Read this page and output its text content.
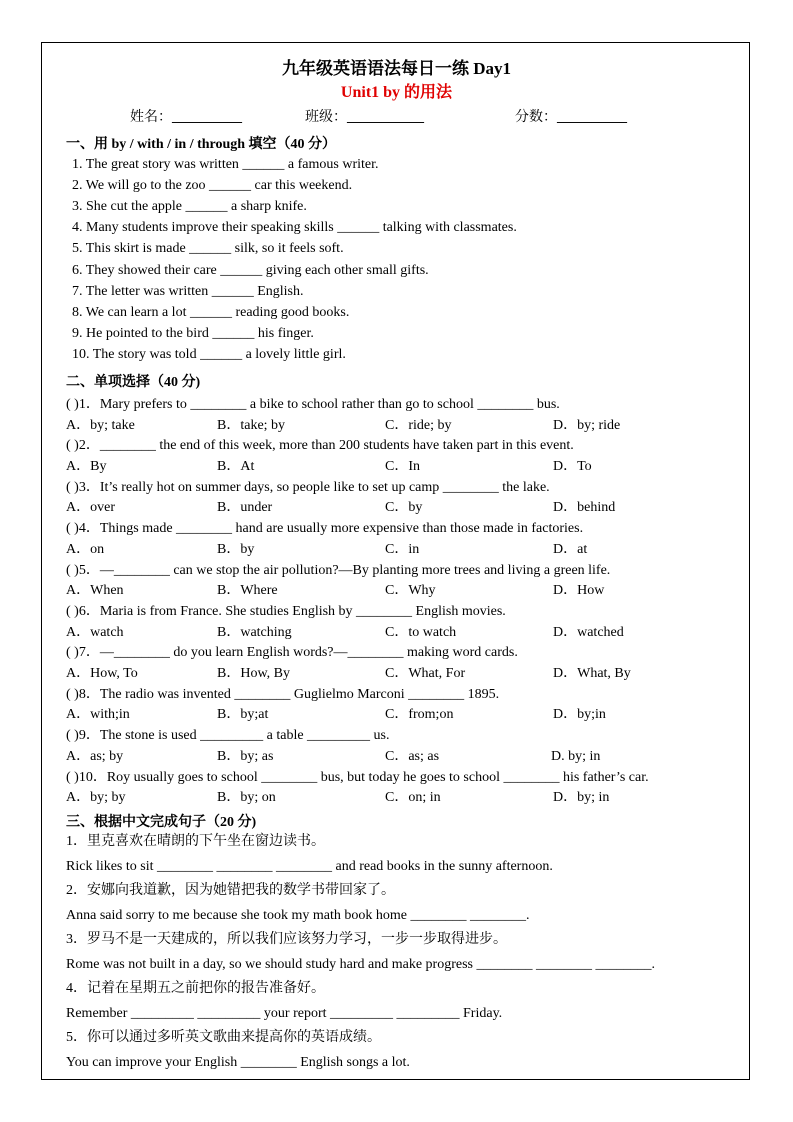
九年级英语语法每日一练 Day1
Unit1 by 的用法
姓名：__________	班级：___________	分数：__________
一、用 by / with / in / through 填空（40 分）
1. The great story was written ______ a famous writer.
2. We will go to the zoo ______ car this weekend.
3. She cut the apple ______ a sharp knife.
4. Many students improve their speaking skills ______ talking with classmates.
5. This skirt is made ______ silk, so it feels soft.
6. They showed their care ______ giving each other small gifts.
7. The letter was written ______ English.
8. We can learn a lot ______ reading good books.
9. He pointed to the bird ______ his finger.
10. The story was told ______ a lovely little girl.
二、单项选择（40 分)
( )1．Mary prefers to ________ a bike to school rather than go to school ________ bus.
A．by; take	B．take; by	C．ride; by	D．by; ride
( )2．________ the end of this week, more than 200 students have taken part in this event.
A．By	B．At	C．In	D．To
( )3．It’s really hot on summer days, so people like to set up camp ________ the lake.
A．over	B．under	C．by	D．behind
( )4．Things made ________ hand are usually more expensive than those made in factories.
A．on	B．by	C．in	D．at
( )5．—________ can we stop the air pollution?—By planting more trees and living a green life.
A．When	B．Where	C．Why	D．How
( )6．Maria is from France. She studies English by ________ English movies.
A．watch	B．watching	C．to watch	D．watched
( )7．—________ do you learn English words?—________ making word cards.
A．How, To	B．How, By	C．What, For	D．What, By
( )8．The radio was invented ________ Guglielmo Marconi ________ 1895.
A．with;in	B．by;at	C．from;on	D．by;in
( )9．The stone is used _________ a table _________ us.
A．as; by	B．by; as	C．as; as	D. by; in
( )10．Roy usually goes to school ________ bus, but today he goes to school ________ his father’s car.
A．by; by	B．by; on	C．on; in	D．by; in
三、根据中文完成句子（20 分)
1．里克喜欢在晴朗的下午坐在窗边读书。
Rick likes to sit ________ ________ ________ and read books in the sunny afternoon.
2．安娜向我道歉，因为她错把我的数学书带回家了。
Anna said sorry to me because she took my math book home ________ ________.
3．罗马不是一天建成的，所以我们应该努力学习，一步一步取得进步。
Rome was not built in a day, so we should study hard and make progress ________ ________ ________.
4．记着在星期五之前把你的报告准备好。
Remember _________ _________ your report _________ _________ Friday.
5．你可以通过多听英文歌曲来提高你的英语成绩。
You can improve your English ________ English songs a lot.
